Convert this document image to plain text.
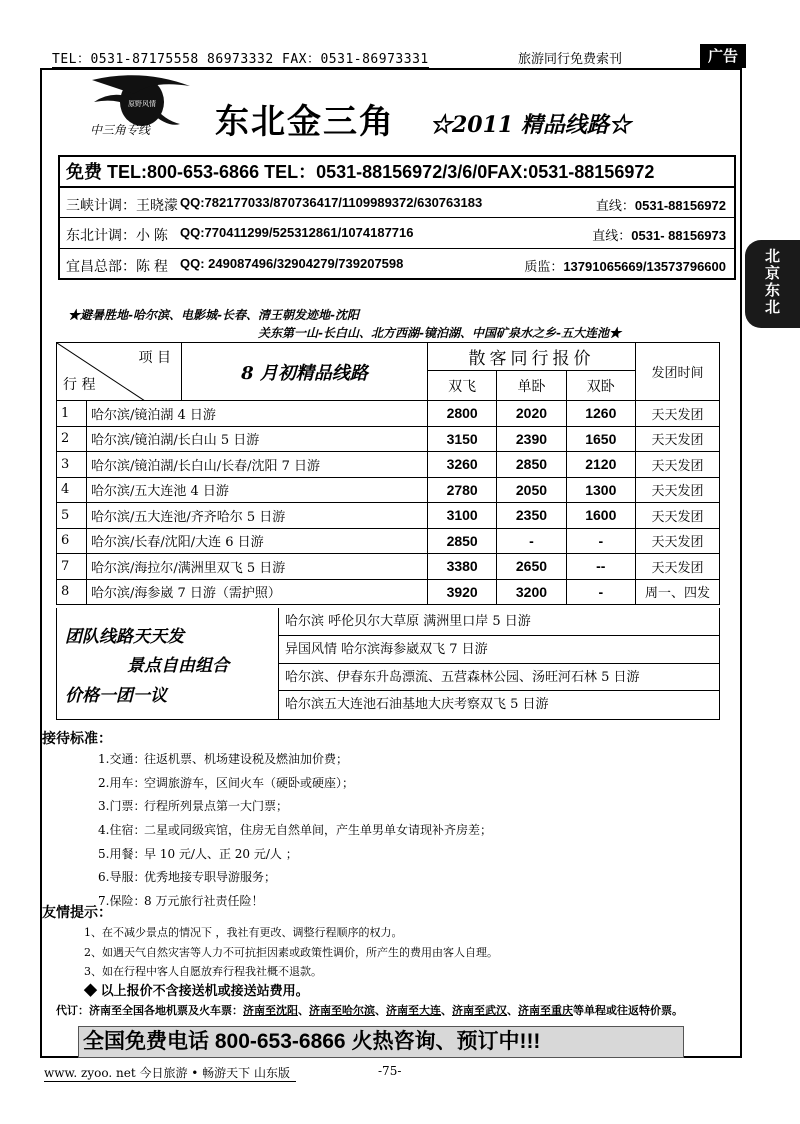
TEL：0531-87175558 86973332 FAX：0531-86973331	旅游同行免费索刊	广告
北
京
东
北
原野风情
中三角专线 东北金三角 ☆2011 精品线路☆
免费 TEL:800-653-6866 TEL：0531-88156972/3/6/0FAX:0531-88156972
三峡计调：王晓濛 QQ:782177033/870736417/1109989372/630763183	直线：0531-88156972
东北计调：小 陈 QQ:770411299/525312861/1074187716	直线：0531- 88156973
宜昌总部：陈 程 QQ: 249087496/32904279/739207598	质监：13791065669/13573796600
★避暑胜地-哈尔滨、电影城-长春、清王朝发迹地-沈阳
关东第一山-长白山、北方西湖-镜泊湖、中国矿泉水之乡-五大连池★
项 目
行 程		8 月初精品线路	散客同行报价			发团时间
			双飞	单卧	双卧	
1	哈尔滨/镜泊湖 4 日游		2800	2020	1260	天天发团
2	哈尔滨/镜泊湖/长白山 5 日游		3150	2390	1650	天天发团
3	哈尔滨/镜泊湖/长白山/长春/沈阳 7 日游		3260	2850	2120	天天发团
4	哈尔滨/五大连池 4 日游		2780	2050	1300	天天发团
5	哈尔滨/五大连池/齐齐哈尔 5 日游		3100	2350	1600	天天发团
6	哈尔滨/长春/沈阳/大连 6 日游		2850	-	-	天天发团
7	哈尔滨/海拉尔/满洲里双飞 5 日游		3380	2650	--	天天发团
8	哈尔滨/海参崴 7 日游（需护照）		3920	3200	-	周一、四发
团队线路天天发
景点自由组合
价格一团一议
哈尔滨 呼伦贝尔大草原 满洲里口岸 5 日游
异国风情 哈尔滨海参崴双飞 7 日游
哈尔滨、伊春东升岛漂流、五营森林公园、汤旺河石林 5 日游
哈尔滨五大连池石油基地大庆考察双飞 5 日游
接待标准：
1.交通：往返机票、机场建设税及燃油加价费；
2.用车：空调旅游车，区间火车（硬卧或硬座）；
3.门票：行程所列景点第一大门票；
4.住宿：二星或同级宾馆，住房无自然单间，产生单男单女请现补齐房差；
5.用餐：早 10 元/人、正 20 元/人 ；
6.导服：优秀地接专职导游服务；
7.保险：8 万元旅行社责任险！
友情提示：
1、在不减少景点的情况下 ，我社有更改、调整行程顺序的权力。
2、如遇天气自然灾害等人力不可抗拒因素或政策性调价，所产生的费用由客人自理。
3、如在行程中客人自愿放弃行程我社概不退款。
◆ 以上报价不含接送机或接送站费用。
代订：济南至全国各地机票及火车票：济南至沈阳、济南至哈尔滨、济南至大连、济南至武汉、济南至重庆等单程或往返特价票。
全国免费电话 800-653-6866 火热咨询、预订中!!!
www. zyoo. net 今日旅游 • 畅游天下 山东版	-75-
